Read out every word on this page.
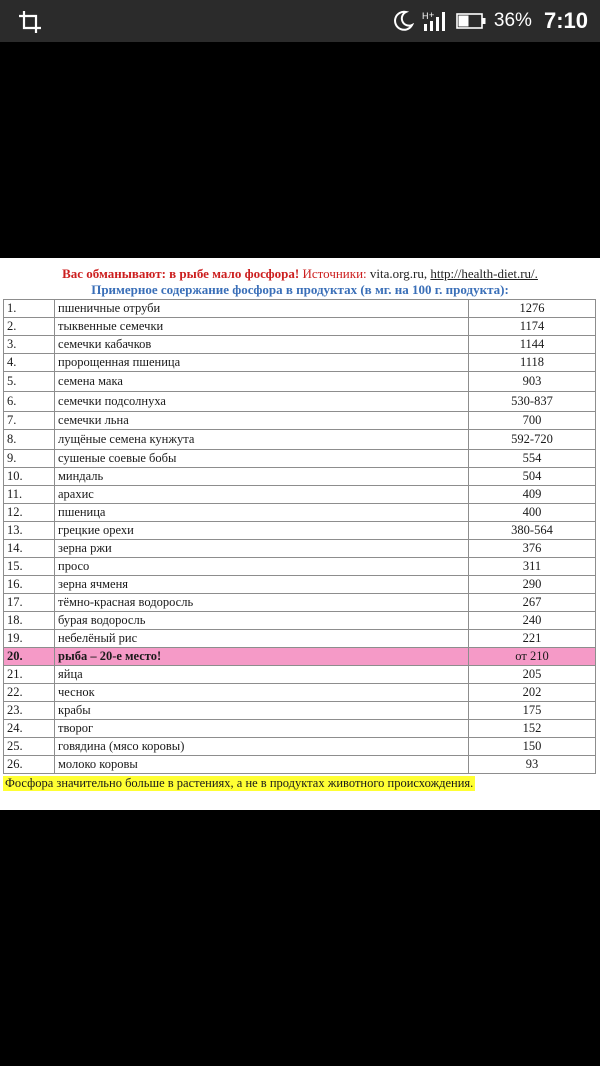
H +	36% 7:10
Вас обманывают: в рыбе мало фосфора! Источники: vita.org.ru, http://health-diet.ru/.
Примерное содержание фосфора в продуктах (в мг. на 100 г. продукта):
1.	пшеничные отруби	1276
2.	тыквенные семечки	1174
3.	семечки кабачков	1144
4.	пророщенная пшеница	1118
5.	семена мака	903
6.	семечки подсолнуха	530-837
7.	семечки льна	700
8.	лущёные семена кунжута	592-720
9.	сушеные соевые бобы	554
10.	миндаль	504
11.	арахис	409
12.	пшеница	400
13.	грецкие орехи	380-564
14.	зерна ржи	376
15.	просо	311
16.	зерна ячменя	290
17.	тёмно-красная водоросль	267
18.	бурая водоросль	240
19.	небелёный рис	221
20.	рыба – 20-е место!	от 210
21.	яйца	205
22.	чеснок	202
23.	крабы	175
24.	творог	152
25.	говядина (мясо коровы)	150
26.	молоко коровы	93
Фосфора значительно больше в растениях, а не в продуктах животного происхождения.
